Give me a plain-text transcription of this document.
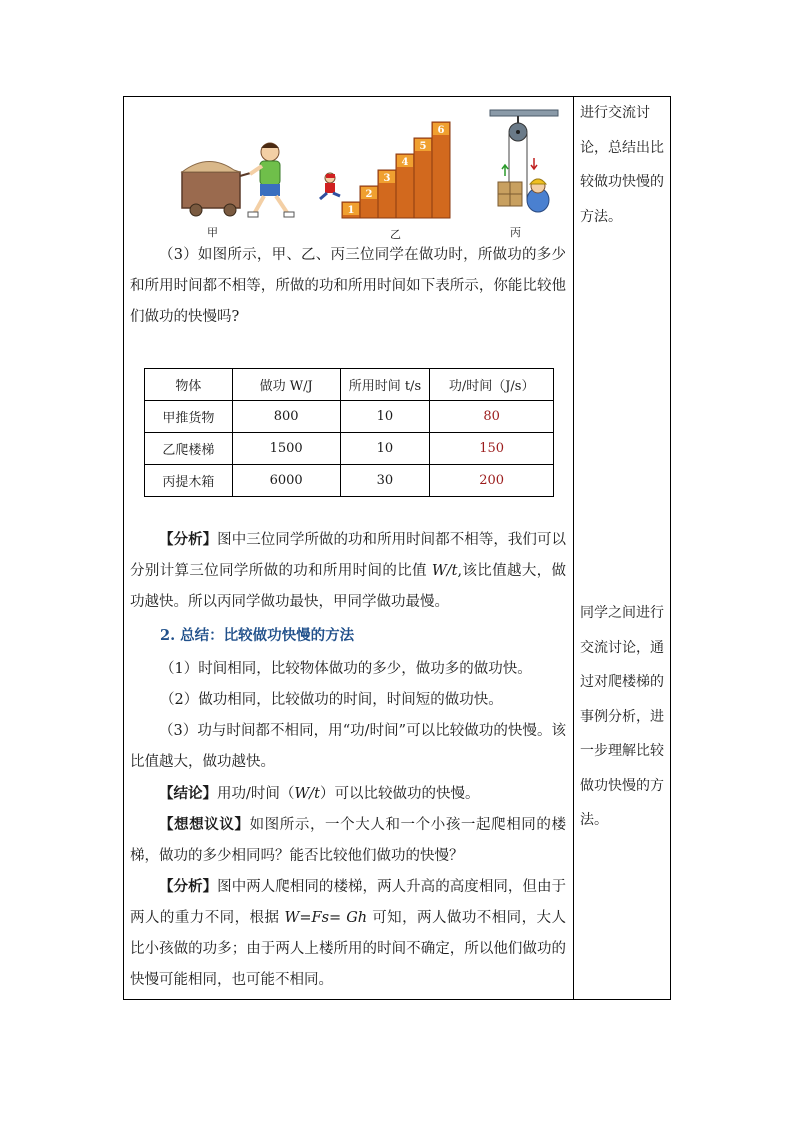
进行交流讨论，总结出比较做功快慢的方法。
同学之间进行交流讨论，通过对爬楼梯的事例分析，进一步理解比较做功快慢的方法。
1
2
3
4
5
6
甲	乙	丙
（3）如图所示，甲、乙、丙三位同学在做功时，所做功的多少和所用时间都不相等，所做的功和所用时间如下表所示，你能比较他们做功的快慢吗?
物体	做功 W/J	所用时间 t/s	功/时间（J/s）
甲推货物	800	10	80
乙爬楼梯	1500	10	150
丙提木箱	6000	30	200
【分析】图中三位同学所做的功和所用时间都不相等，我们可以分别计算三位同学所做的功和所用时间的比值 W/t,该比值越大，做功越快。所以丙同学做功最快，甲同学做功最慢。
2. 总结：比较做功快慢的方法
（1）时间相同，比较物体做功的多少，做功多的做功快。
（2）做功相同，比较做功的时间，时间短的做功快。
（3）功与时间都不相同，用“功/时间”可以比较做功的快慢。该比值越大，做功越快。
【结论】用功/时间（W/t）可以比较做功的快慢。
【想想议议】如图所示，一个大人和一个小孩一起爬相同的楼梯，做功的多少相同吗？能否比较他们做功的快慢？
【分析】图中两人爬相同的楼梯，两人升高的高度相同，但由于两人的重力不同，根据 W=Fs= Gh 可知，两人做功不相同，大人比小孩做的功多；由于两人上楼所用的时间不确定，所以他们做功的快慢可能相同，也可能不相同。
